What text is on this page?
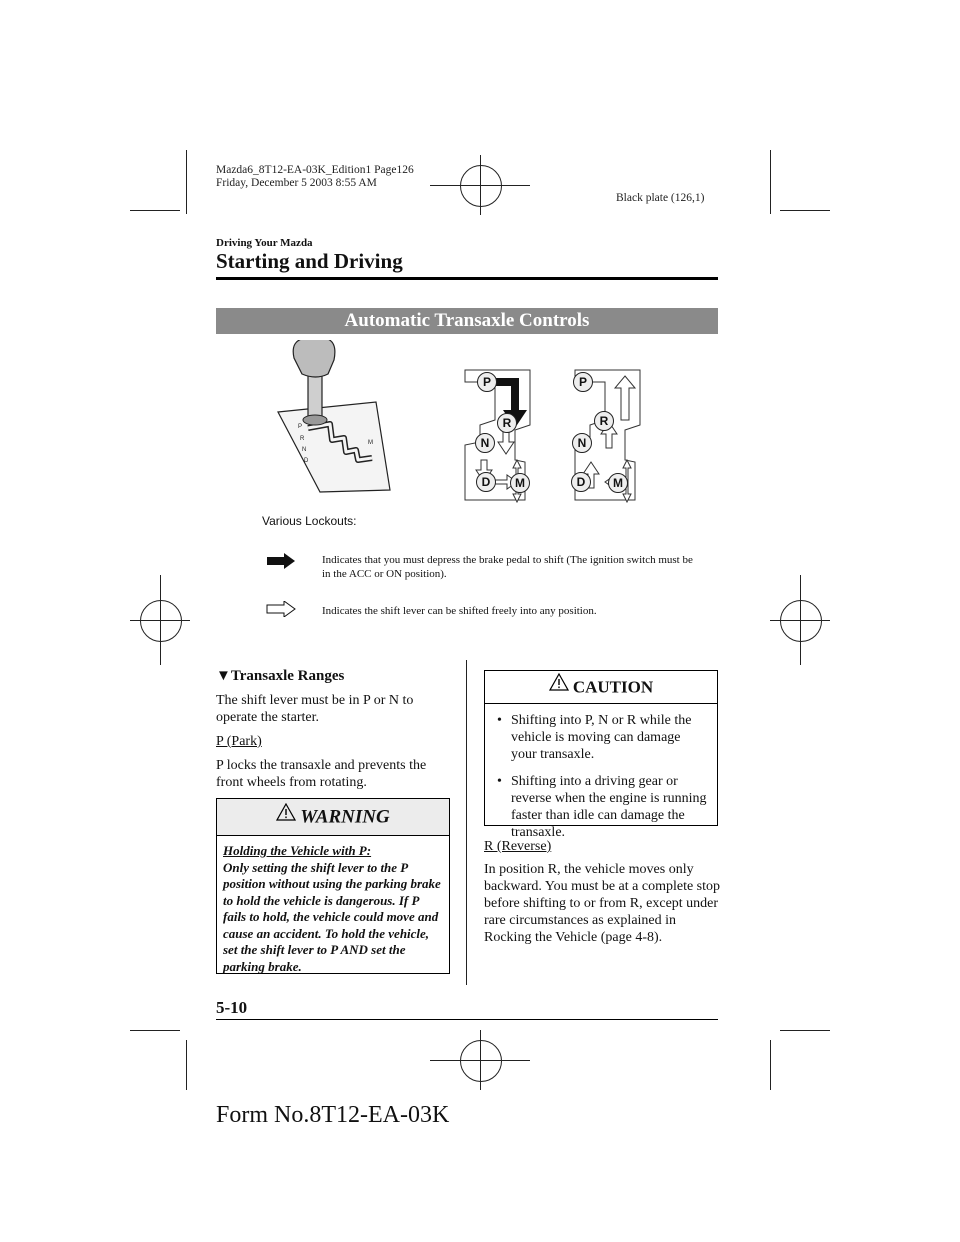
Mazda6_8T12-EA-03K_Edition1 Page126
Friday, December 5 2003 8:55 AM
Black plate (126,1)
Driving Your Mazda
Starting and Driving
Automatic Transaxle Controls
P
R
N
D
M
P
R
N
D	M
P
R
N
D	M
Various Lockouts:
Indicates that you must depress the brake pedal to shift (The ignition switch must be in the ACC or ON position).
Indicates the shift lever can be shifted freely into any position.
▼Transaxle Ranges
The shift lever must be in P or N to operate the starter.
P (Park)
P locks the transaxle and prevents the front wheels from rotating.
WARNING
Holding the Vehicle with P:
Only setting the shift lever to the P position without using the parking brake to hold the vehicle is dangerous. If P fails to hold, the vehicle could move and cause an accident. To hold the vehicle, set the shift lever to P AND set the parking brake.
CAUTION
• Shifting into P, N or R while the vehicle is moving can damage your transaxle.
• Shifting into a driving gear or reverse when the engine is running faster than idle can damage the transaxle.
R (Reverse)
In position R, the vehicle moves only backward. You must be at a complete stop before shifting to or from R, except under rare circumstances as explained in Rocking the Vehicle (page 4-8).
5-10
Form No.8T12-EA-03K
